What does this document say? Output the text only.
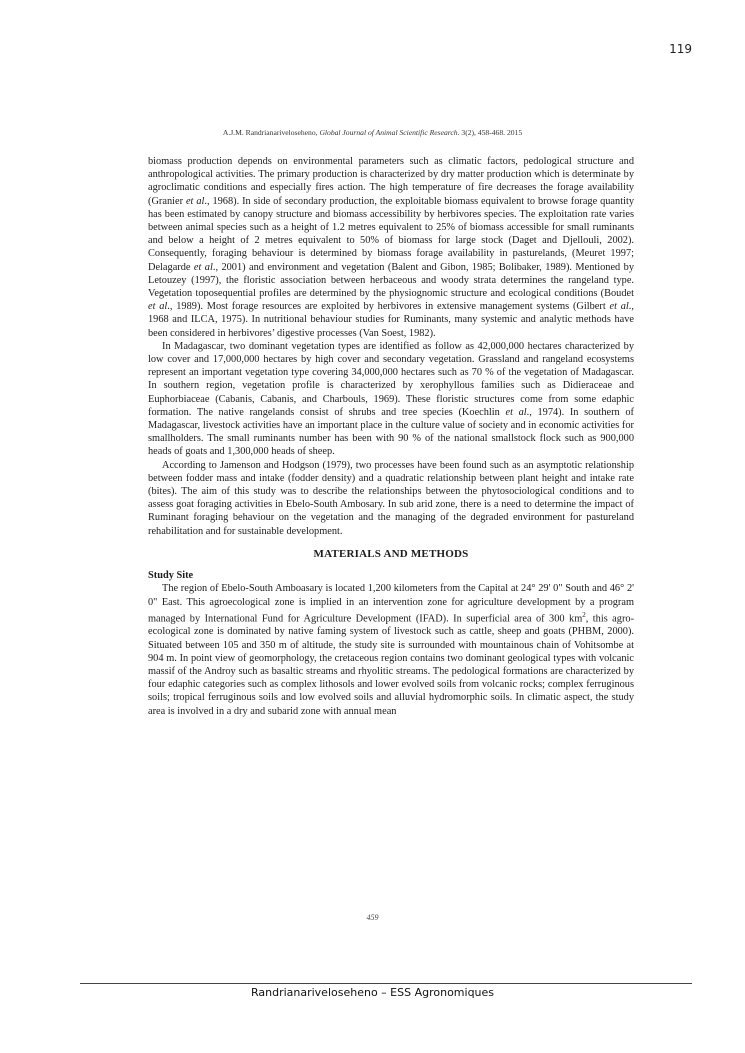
119
A.J.M. Randrianarivelosehenо, Global Journal of Animal Scientific Research. 3(2), 458-468. 2015

biomass production depends on environmental parameters such as climatic factors, pedological structure and anthropological activities. The primary production is characterized by dry matter production which is determinate by agroclimatic conditions and especially fires action. The high temperature of fire decreases the forage availability (Granier et al., 1968). In side of secondary production, the exploitable biomass equivalent to browse forage quantity has been estimated by canopy structure and biomass accessibility by herbivores species. The exploitation rate varies between animal species such as a height of 1.2 metres equivalent to 25% of biomass accessible for small ruminants and below a height of 2 metres equivalent to 50% of biomass for large stock (Daget and Djellouli, 2002). Consequently, foraging behaviour is determined by biomass forage availability in pasturelands, (Meuret 1997; Delagarde et al., 2001) and environment and vegetation (Balent and Gibon, 1985; Bolibaker, 1989). Mentioned by Letouzey (1997), the floristic association between herbaceous and woody strata determines the rangeland type. Vegetation toposequential profiles are determined by the physiognomic structure and ecological conditions (Boudet et al., 1989). Most forage resources are exploited by herbivores in extensive management systems (Gilbert et al., 1968 and ILCA, 1975). In nutritional behaviour studies for Ruminants, many systemic and analytic methods have been considered in herbivores’ digestive processes (Van Soest, 1982).

In Madagascar, two dominant vegetation types are identified as follow as 42,000,000 hectares characterized by low cover and 17,000,000 hectares by high cover and secondary vegetation. Grassland and rangeland ecosystems represent an important vegetation type covering 34,000,000 hectares such as 70 % of the vegetation of Madagascar. In southern region, vegetation profile is characterized by xerophyllous families such as Didieraceae and Euphorbiaceae (Cabanis, Cabanis, and Charbouls, 1969). These floristic structures come from some edaphic formation. The native rangelands consist of shrubs and tree species (Koechlin et al., 1974). In southern of Madagascar, livestock activities have an important place in the culture value of society and in economic activities for smallholders. The small ruminants number has been with 90 % of the national smallstock flock such as 900,000 heads of goats and 1,300,000 heads of sheep.

According to Jamenson and Hodgson (1979), two processes have been found such as an asymptotic relationship between fodder mass and intake (fodder density) and a quadratic relationship between plant height and intake rate (bites). The aim of this study was to describe the relationships between the phytosociological conditions and to assess goat foraging activities in Ebelo-South Ambosary. In sub arid zone, there is a need to determine the impact of Ruminant foraging behaviour on the vegetation and the managing of the degraded environment for pastureland rehabilitation and for sustainable development.

MATERIALS AND METHODS

Study Site

The region of Ebelo-South Amboasary is located 1,200 kilometers from the Capital at 24° 29' 0" South and 46° 2' 0" East. This agroecological zone is implied in an intervention zone for agriculture development by a program managed by International Fund for Agriculture Development (IFAD). In superficial area of 300 $km^2$, this agro-ecological zone is dominated by native faming system of livestock such as cattle, sheep and goats (PHBM, 2000). Situated between 105 and 350 m of altitude, the study site is surrounded with mountainous chain of Vohitsombe at 904 m. In point view of geomorphology, the cretaceous region contains two dominant geological types with volcanic massif of the Androy such as basaltic streams and rhyolitic streams. The pedological formations are characterized by four edaphic categories such as complex lithosols and lower evolved soils from volcanic rocks; complex ferruginous soils; tropical ferruginous soils and low evolved soils and alluvial hydromorphic soils. In climatic aspect, the study area is involved in a dry and subarid zone with annual mean

459
Randrianarivelоseheno – ESS Agronomiques
